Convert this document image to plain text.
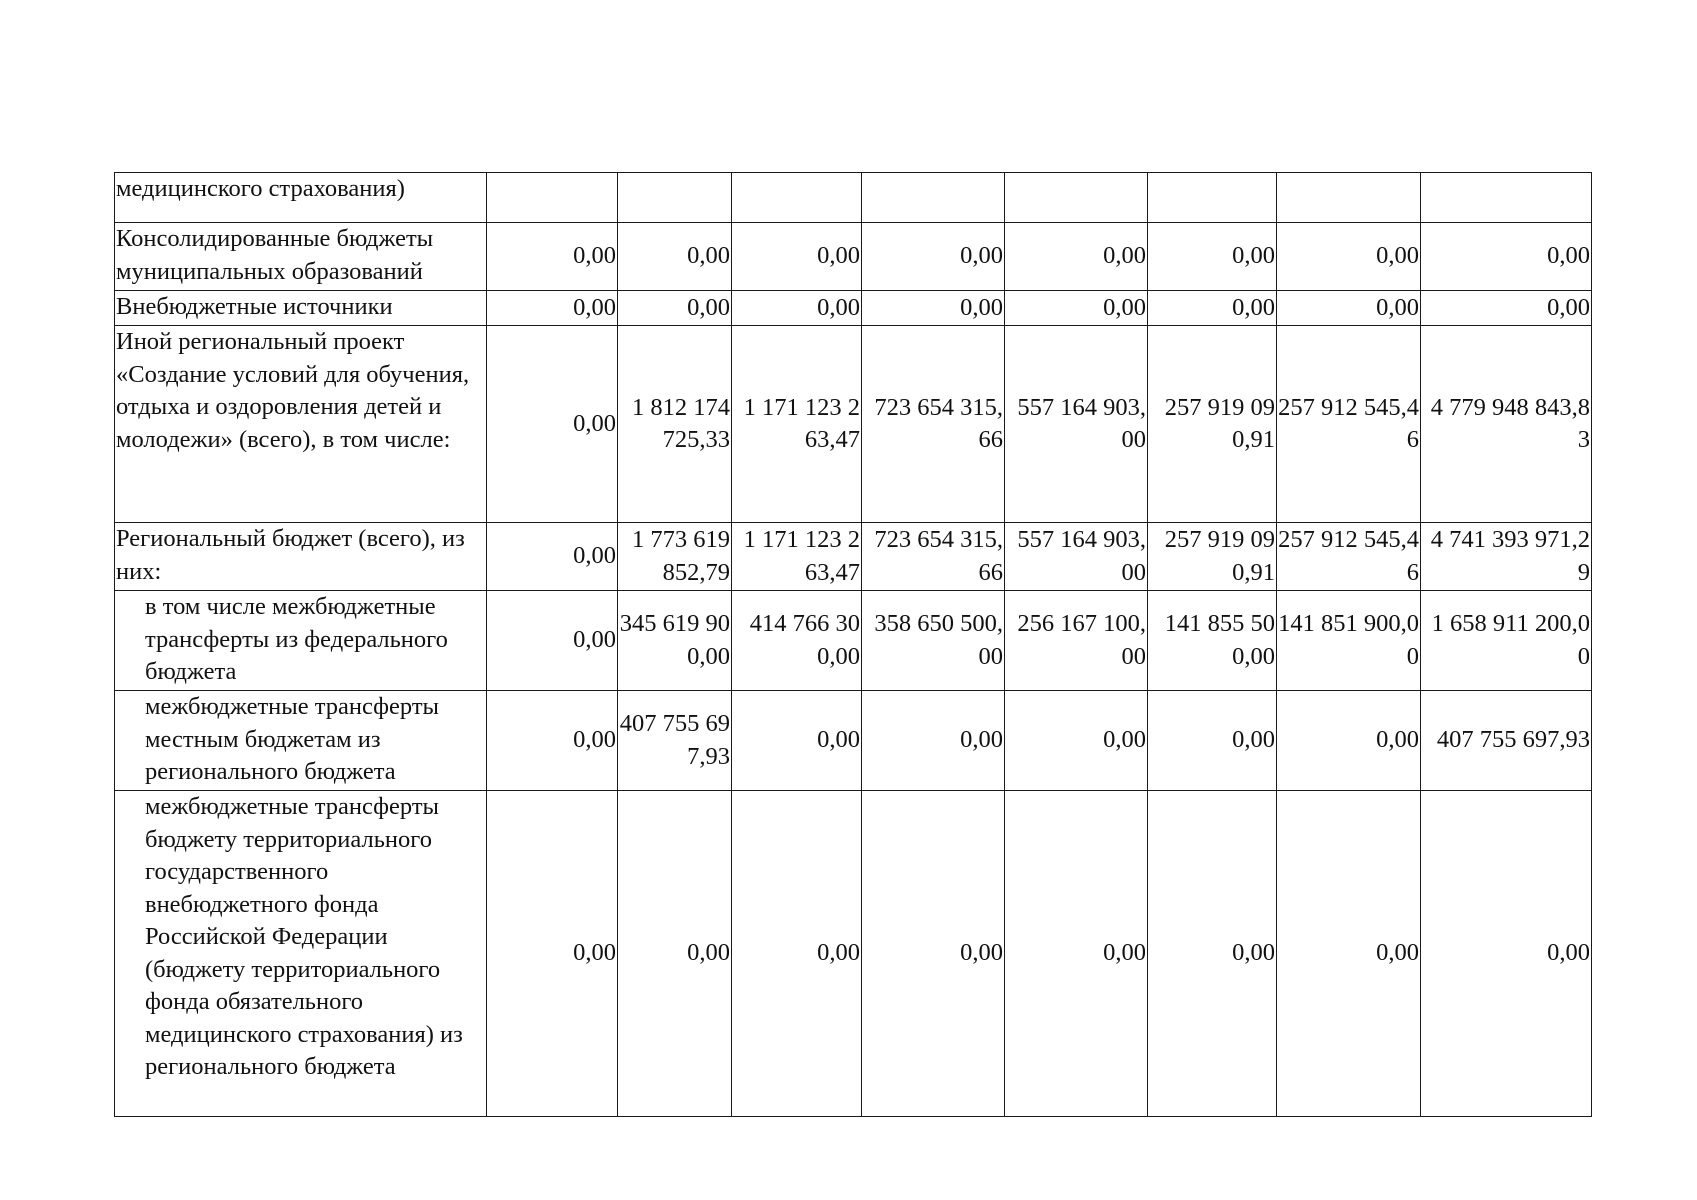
медицинского страхования)								

Консолидированные бюджеты муниципальных образований	0,00	0,00	0,00	0,00	0,00	0,00	0,00	0,00

Внебюджетные источники	0,00	0,00	0,00	0,00	0,00	0,00	0,00	0,00

Иной региональный проект «Создание условий для обучения, отдыха и оздоровления детей и молодежи» (всего), в том числе:	0,00	1 812 174 725,33	1 171 123 263,47	723 654 315,66	557 164 903,00	257 919 090,91	257 912 545,46	4 779 948 843,83

Региональный бюджет (всего), из них:	0,00	1 773 619 852,79	1 171 123 263,47	723 654 315,66	557 164 903,00	257 919 090,91	257 912 545,46	4 741 393 971,29

в том числе межбюджетные трансферты из федерального бюджета	0,00	345 619 900,00	414 766 300,00	358 650 500,00	256 167 100,00	141 855 500,00	141 851 900,00	1 658 911 200,00

межбюджетные трансферты местным бюджетам из регионального бюджета	0,00	407 755 697,93	0,00	0,00	0,00	0,00	0,00	407 755 697,93

межбюджетные трансферты бюджету территориального государственного внебюджетного фонда Российской Федерации (бюджету территориального фонда обязательного медицинского страхования) из регионального бюджета	0,00	0,00	0,00	0,00	0,00	0,00	0,00	0,00
